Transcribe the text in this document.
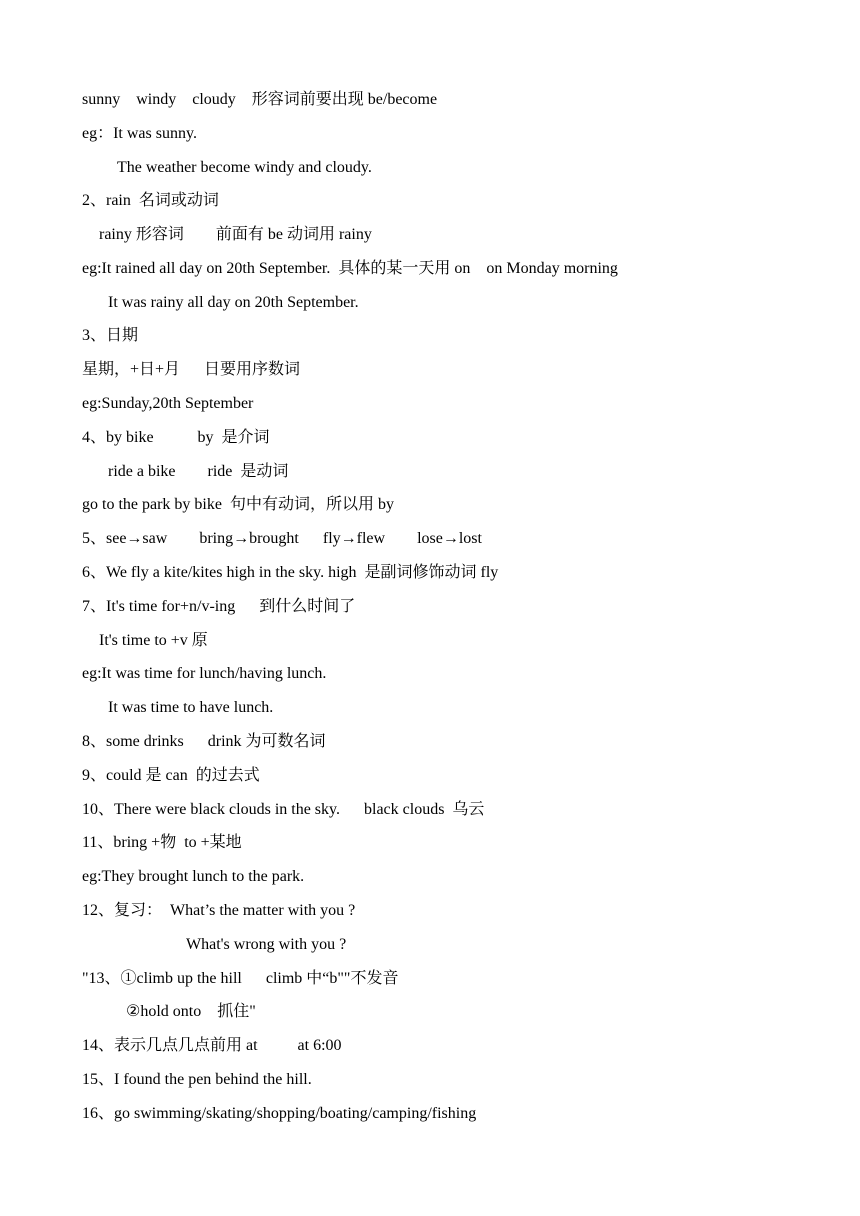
sunny    windy    cloudy    形容词前要出现 be/become
eg：It was sunny.
The weather become windy and cloudy.
2、rain  名词或动词
rainy 形容词        前面有 be 动词用 rainy
eg:It rained all day on 20th September.  具体的某一天用 on    on Monday morning
It was rainy all day on 20th September.
3、日期
星期，+日+月      日要用序数词
eg:Sunday,20th September
4、by bike           by  是介词
ride a bike        ride  是动词
go to the park by bike  句中有动词，所以用 by
5、see→saw        bring→brought      fly→flew        lose→lost
6、We fly a kite/kites high in the sky. high  是副词修饰动词 fly
7、It's time for+n/v-ing      到什么时间了
It's time to +v 原
eg:It was time for lunch/having lunch.
It was time to have lunch.
8、some drinks      drink 为可数名词
9、could 是 can  的过去式
10、There were black clouds in the sky.      black clouds  乌云
11、bring +物  to +某地
eg:They brought lunch to the park.
12、复习：  What’s the matter with you ?
What's wrong with you ?
"13、①climb up the hill      climb 中“b""不发音
②hold onto    抓住"
14、表示几点几点前用 at          at 6:00
15、I found the pen behind the hill.
16、go swimming/skating/shopping/boating/camping/fishing
